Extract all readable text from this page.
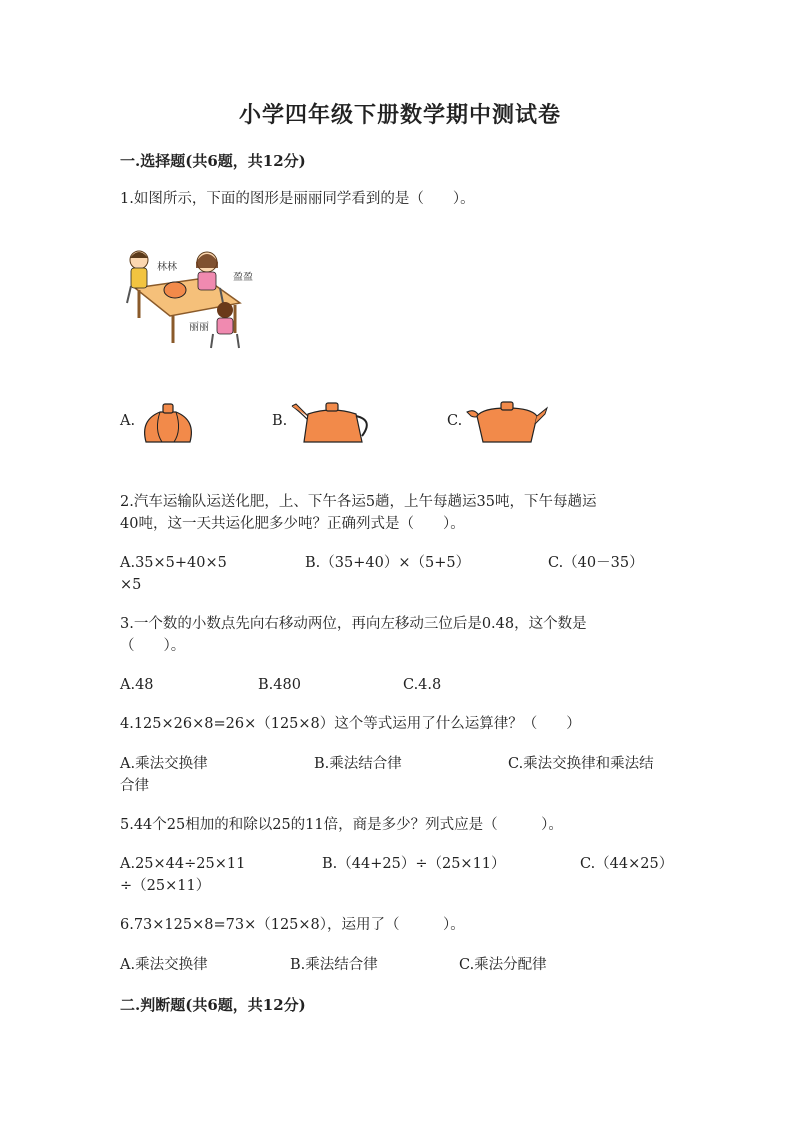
小学四年级下册数学期中测试卷
一.选择题(共6题，共12分)
1.如图所示，下面的图形是丽丽同学看到的是（　　）。
林林
盈盈
丽丽
A.	B.	C.
2.汽车运输队运送化肥，上、下午各运5趟，上午每趟运35吨，下午每趟运
40吨，这一天共运化肥多少吨？正确列式是（　　）。
A.35×5+40×5	B.（35+40）×（5+5）	C.（40－35）
×5
3.一个数的小数点先向右移动两位，再向左移动三位后是0.48，这个数是
（　　）。
A.48	B.480	C.4.8
4.125×26×8=26×（125×8）这个等式运用了什么运算律？（　　）
A.乘法交换律	B.乘法结合律	C.乘法交换律和乘法结
合律
5.44个25相加的和除以25的11倍，商是多少？列式应是（　　　）。
A.25×44÷25×11	B.（44+25）÷（25×11）	C.（44×25）
÷（25×11）
6.73×125×8=73×（125×8），运用了（　　　）。
A.乘法交换律	B.乘法结合律	C.乘法分配律
二.判断题(共6题，共12分)
